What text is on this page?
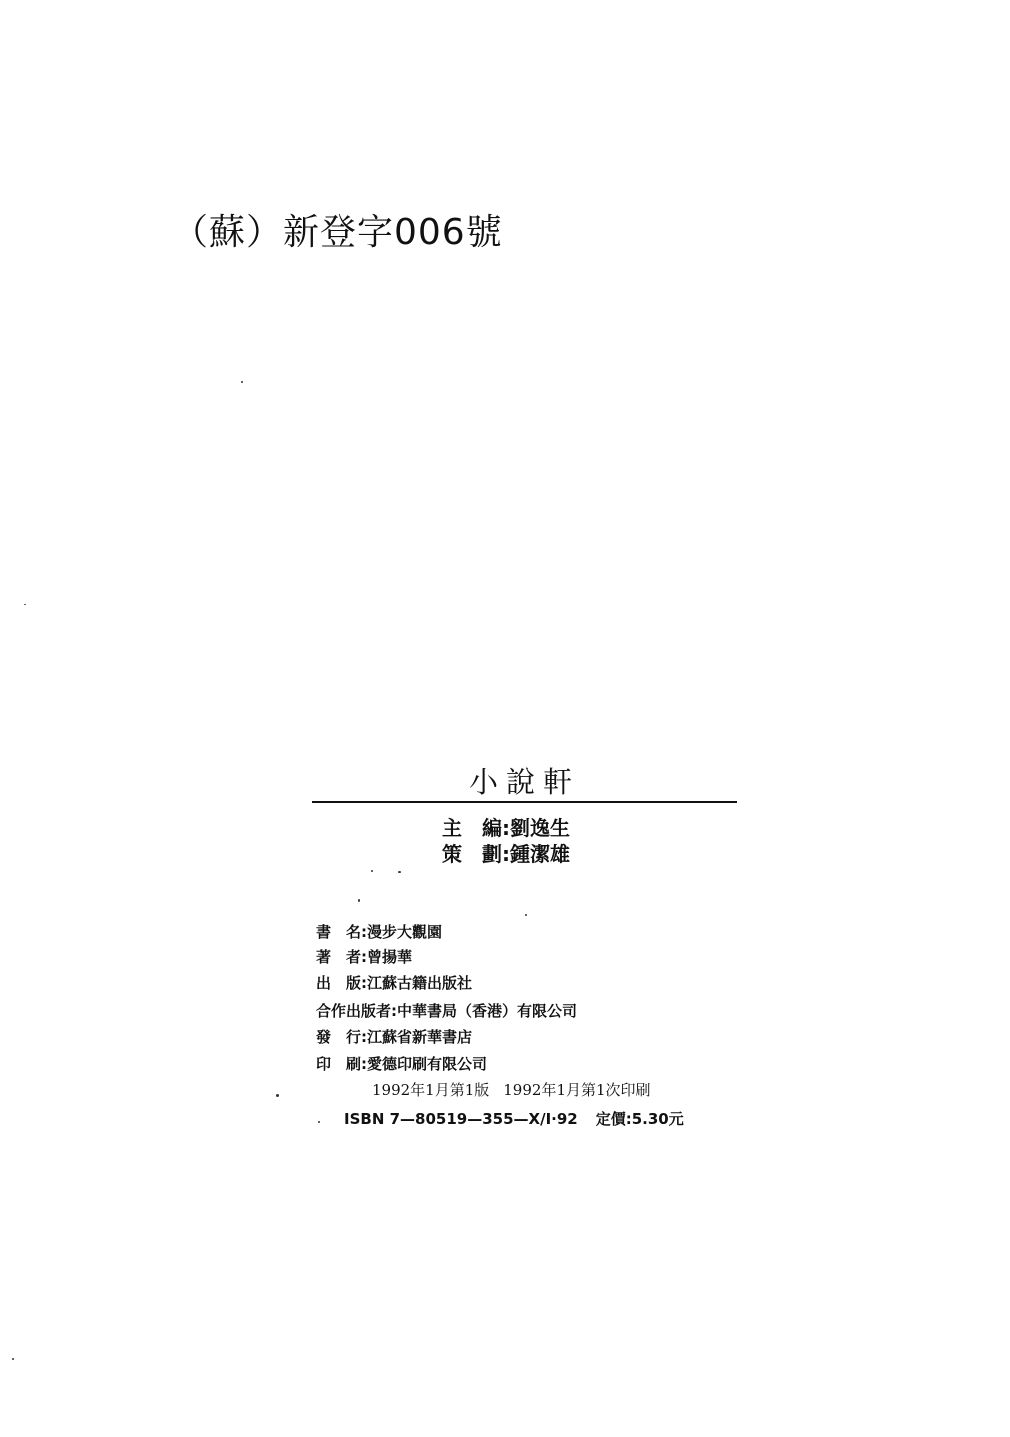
（蘇）新登字006號
小說軒
主　編:劉逸生
策　劃:鍾潔雄
書　名:漫步大觀園
著　者:曾揚華
出　版:江蘇古籍出版社
合作出版者:中華書局（香港）有限公司
發　行:江蘇省新華書店
印　刷:愛德印刷有限公司
1992年1月第1版 1992年1月第1次印刷
ISBN 7—80519—355—X/I·92 定價:5.30元
